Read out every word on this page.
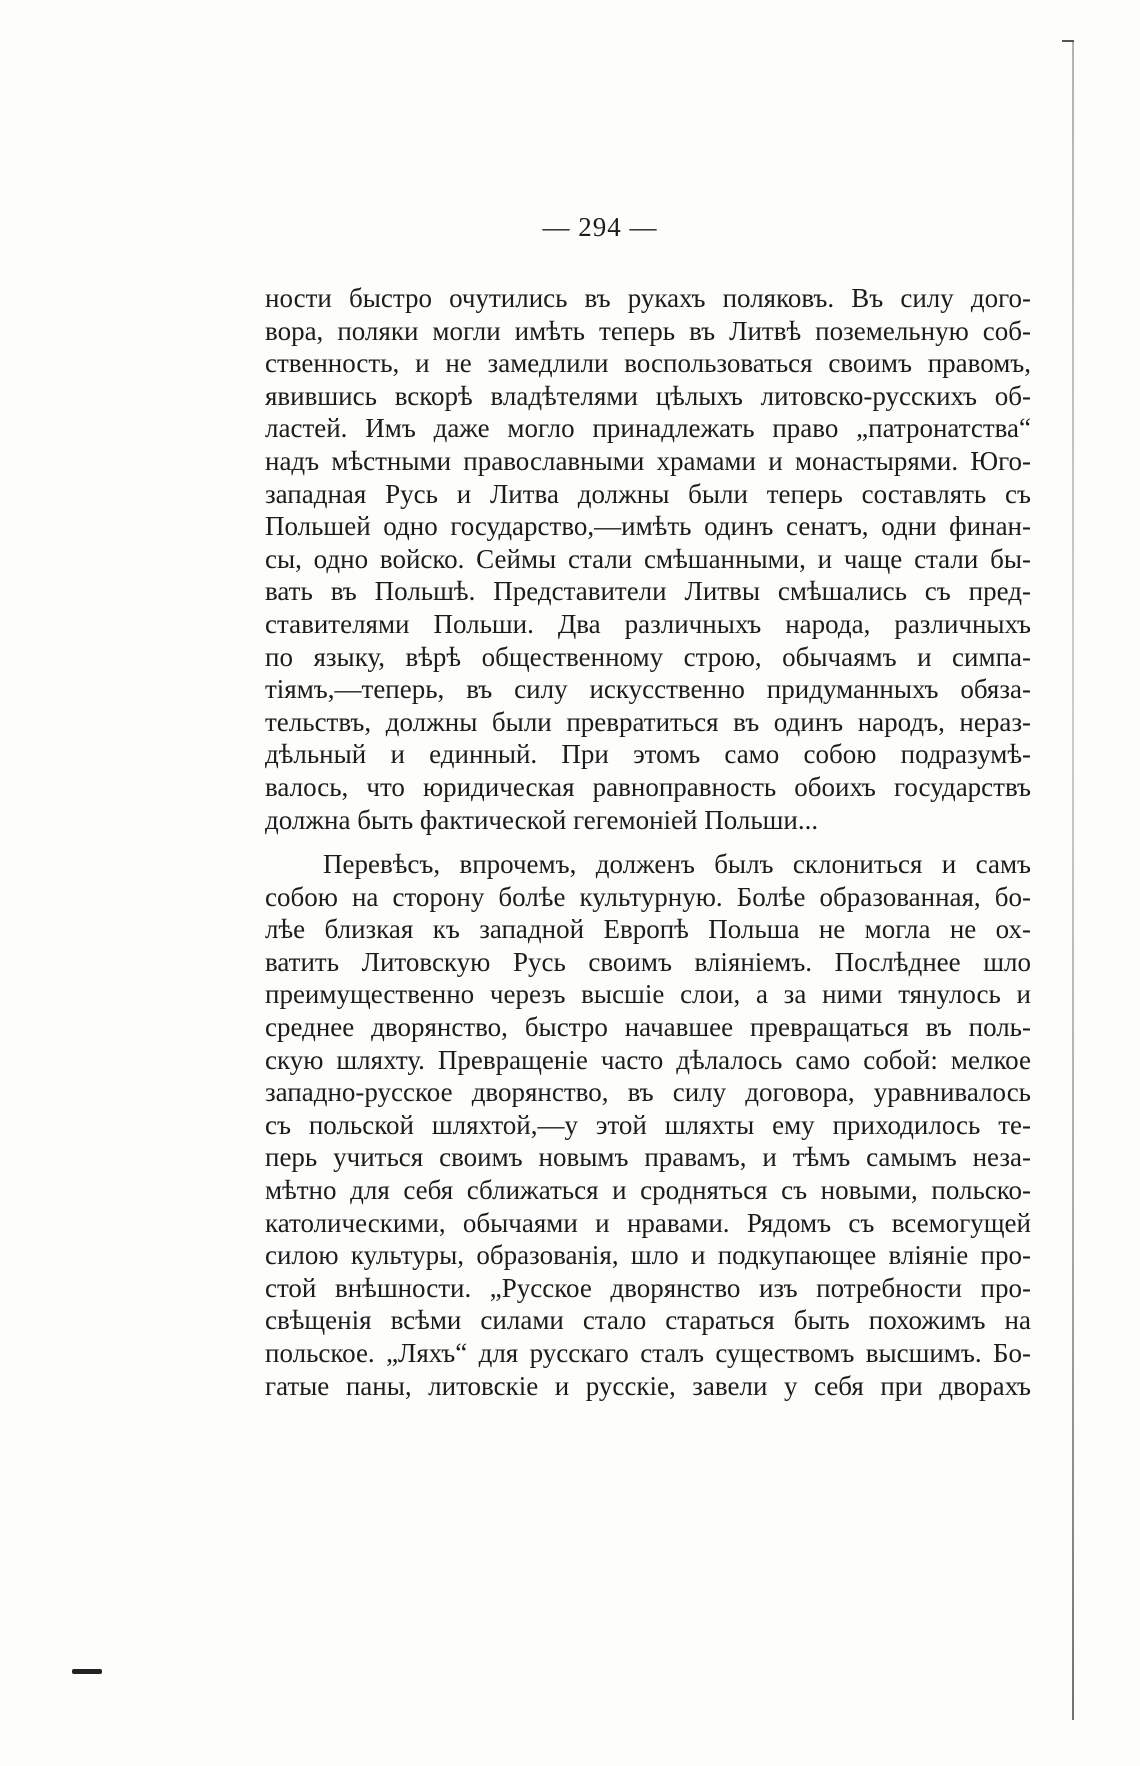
— 294 —
ности быстро очутились въ рукахъ поляковъ. Въ силу дого-
вора, поляки могли имѣть теперь въ Литвѣ поземельную соб-
ственность, и не замедлили воспользоваться своимъ правомъ,
явившись вскорѣ владѣтелями цѣлыхъ литовско-русскихъ об-
ластей. Имъ даже могло принадлежать право „патронатства“
надъ мѣстными православными храмами и монастырями. Юго-
западная Русь и Литва должны были теперь составлять съ
Польшей одно государство,—имѣть одинъ сенатъ, одни финан-
сы, одно войско. Сеймы стали смѣшанными, и чаще стали бы-
вать въ Польшѣ. Представители Литвы смѣшались съ пред-
ставителями Польши. Два различныхъ народа, различныхъ
по языку, вѣрѣ общественному строю, обычаямъ и симпа-
тіямъ,—теперь, въ силу искусственно придуманныхъ обяза-
тельствъ, должны были превратиться въ одинъ народъ, нераз-
дѣльный и единный. При этомъ само собою подразумѣ-
валось, что юридическая равноправность обоихъ государствъ
должна быть фактической гегемоніей Польши...
Перевѣсъ, впрочемъ, долженъ былъ склониться и самъ
собою на сторону болѣе культурную. Болѣе образованная, бо-
лѣе близкая къ западной Европѣ Польша не могла не ох-
ватить Литовскую Русь своимъ вліяніемъ. Послѣднее шло
преимущественно черезъ высшіе слои, а за ними тянулось и
среднее дворянство, быстро начавшее превращаться въ поль-
скую шляхту. Превращеніе часто дѣлалось само собой: мелкое
западно-русское дворянство, въ силу договора, уравнивалось
съ польской шляхтой,—у этой шляхты ему приходилось те-
перь учиться своимъ новымъ правамъ, и тѣмъ самымъ неза-
мѣтно для себя сближаться и сродняться съ новыми, польско-
католическими, обычаями и нравами. Рядомъ съ всемогущей
силою культуры, образованія, шло и подкупающее вліяніе про-
стой внѣшности. „Русское дворянство изъ потребности про-
свѣщенія всѣми силами стало стараться быть похожимъ на
польское. „Ляхъ“ для русскаго сталъ существомъ высшимъ. Бо-
гатые паны, литовскіе и русскіе, завели у себя при дворахъ
